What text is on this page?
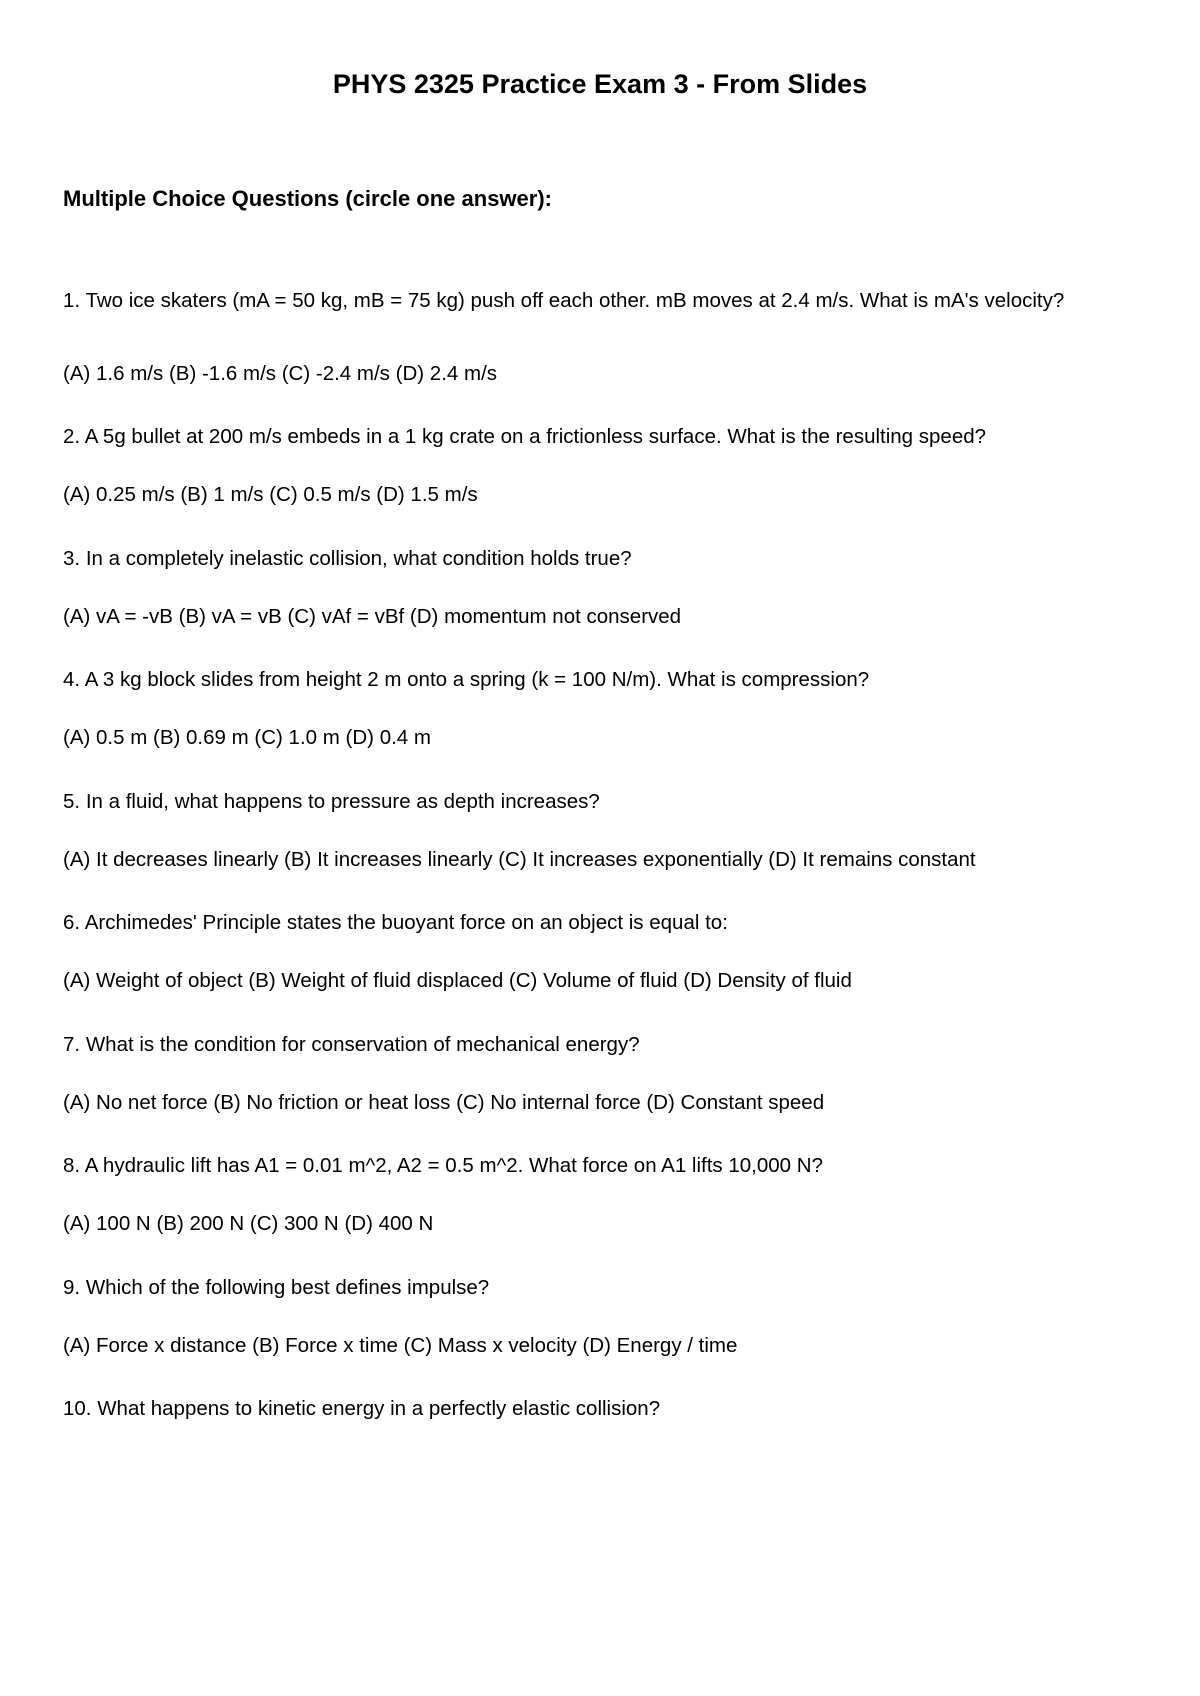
PHYS 2325 Practice Exam 3 - From Slides
Multiple Choice Questions (circle one answer):
1. Two ice skaters (mA = 50 kg, mB = 75 kg) push off each other. mB moves at 2.4 m/s. What is mA's velocity?
(A) 1.6 m/s (B) -1.6 m/s (C) -2.4 m/s (D) 2.4 m/s
2. A 5g bullet at 200 m/s embeds in a 1 kg crate on a frictionless surface. What is the resulting speed?
(A) 0.25 m/s (B) 1 m/s (C) 0.5 m/s (D) 1.5 m/s
3. In a completely inelastic collision, what condition holds true?
(A) vA = -vB (B) vA = vB (C) vAf = vBf (D) momentum not conserved
4. A 3 kg block slides from height 2 m onto a spring (k = 100 N/m). What is compression?
(A) 0.5 m (B) 0.69 m (C) 1.0 m (D) 0.4 m
5. In a fluid, what happens to pressure as depth increases?
(A) It decreases linearly (B) It increases linearly (C) It increases exponentially (D) It remains constant
6. Archimedes' Principle states the buoyant force on an object is equal to:
(A) Weight of object (B) Weight of fluid displaced (C) Volume of fluid (D) Density of fluid
7. What is the condition for conservation of mechanical energy?
(A) No net force (B) No friction or heat loss (C) No internal force (D) Constant speed
8. A hydraulic lift has A1 = 0.01 m^2, A2 = 0.5 m^2. What force on A1 lifts 10,000 N?
(A) 100 N (B) 200 N (C) 300 N (D) 400 N
9. Which of the following best defines impulse?
(A) Force x distance (B) Force x time (C) Mass x velocity (D) Energy / time
10. What happens to kinetic energy in a perfectly elastic collision?
